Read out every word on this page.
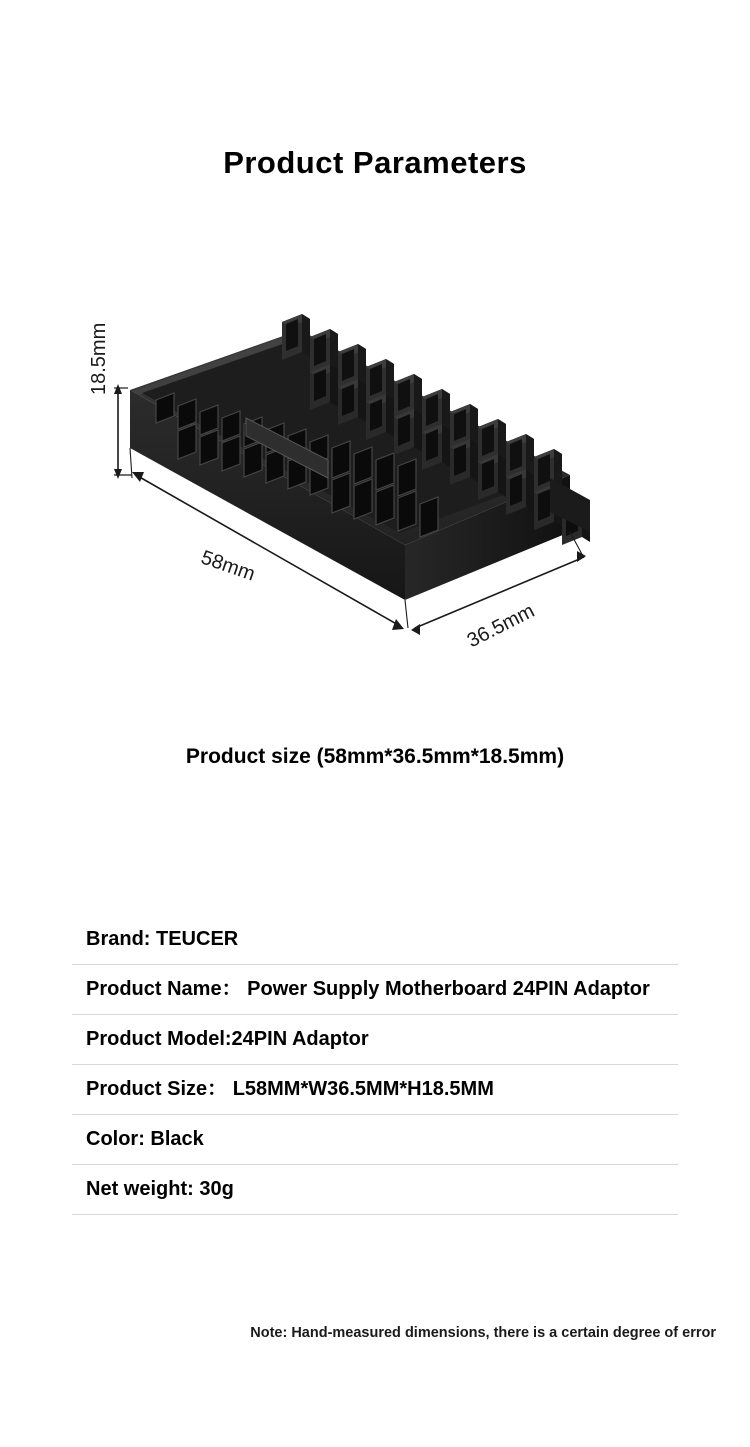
Product Parameters
18.5mm
58mm
36.5mm
Product size (58mm*36.5mm*18.5mm)
Brand: TEUCER
Product Name： Power Supply Motherboard 24PIN Adaptor
Product Model:24PIN Adaptor
Product Size： L58MM*W36.5MM*H18.5MM
Color: Black
Net weight: 30g
Note: Hand-measured dimensions, there is a certain degree of error
